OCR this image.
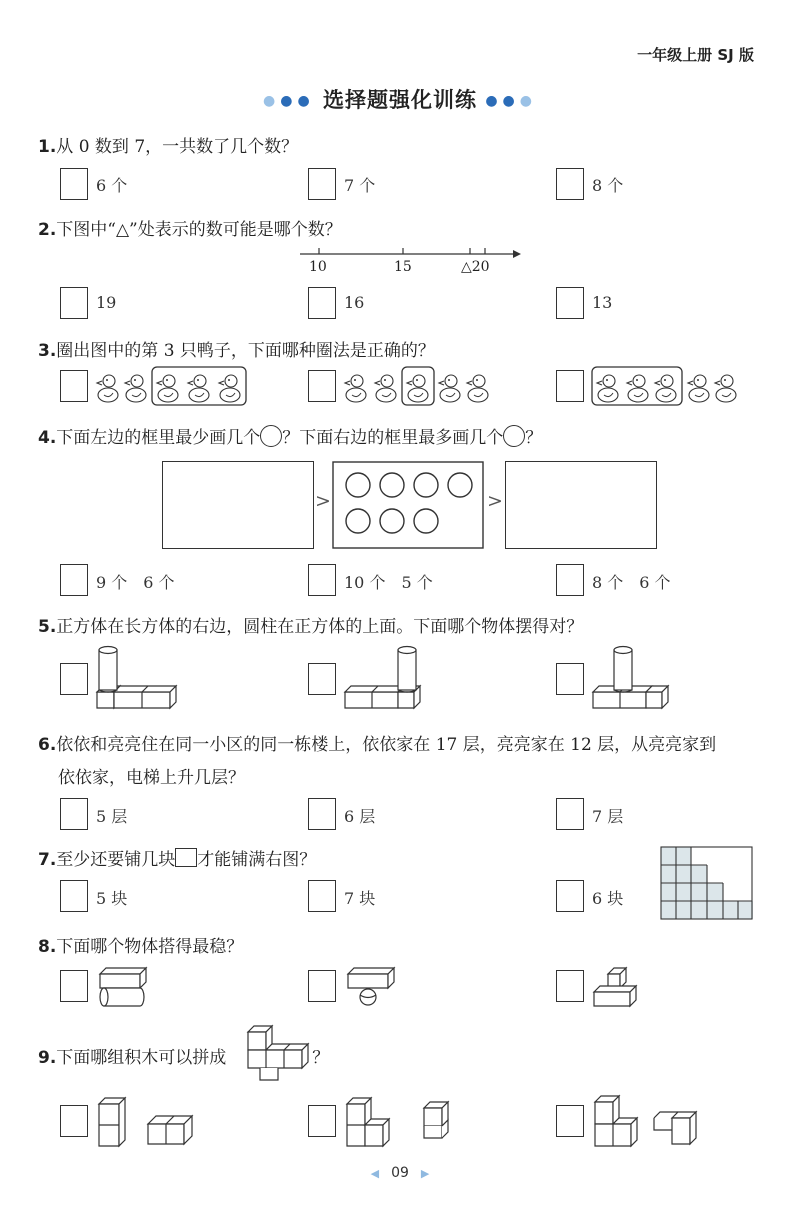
一年级上册 SJ 版
●●● 选择题强化训练 ●●●
1.从 0 数到 7，一共数了几个数？
6 个	7 个	8 个
2.下图中“△”处表示的数可能是哪个数？
10	15	△20
19	16	13
3.圈出图中的第 3 只鸭子，下面哪种圈法是正确的？
4.下面左边的框里最少画几个 ？下面右边的框里最多画几个 ？
>	>
9 个　6 个	10 个　5 个	8 个　6 个
5.正方体在长方体的右边，圆柱在正方体的上面。下面哪个物体摆得对？
6.依依和亮亮住在同一小区的同一栋楼上，依依家在 17 层，亮亮家在 12 层，从亮亮家到
依依家，电梯上升几层？
5 层	6 层	7 层
7.至少还要铺几块 才能铺满右图？
5 块	7 块	6 块
8.下面哪个物体搭得最稳？
9.下面哪组积木可以拼成	？
◀ 09 ▶
